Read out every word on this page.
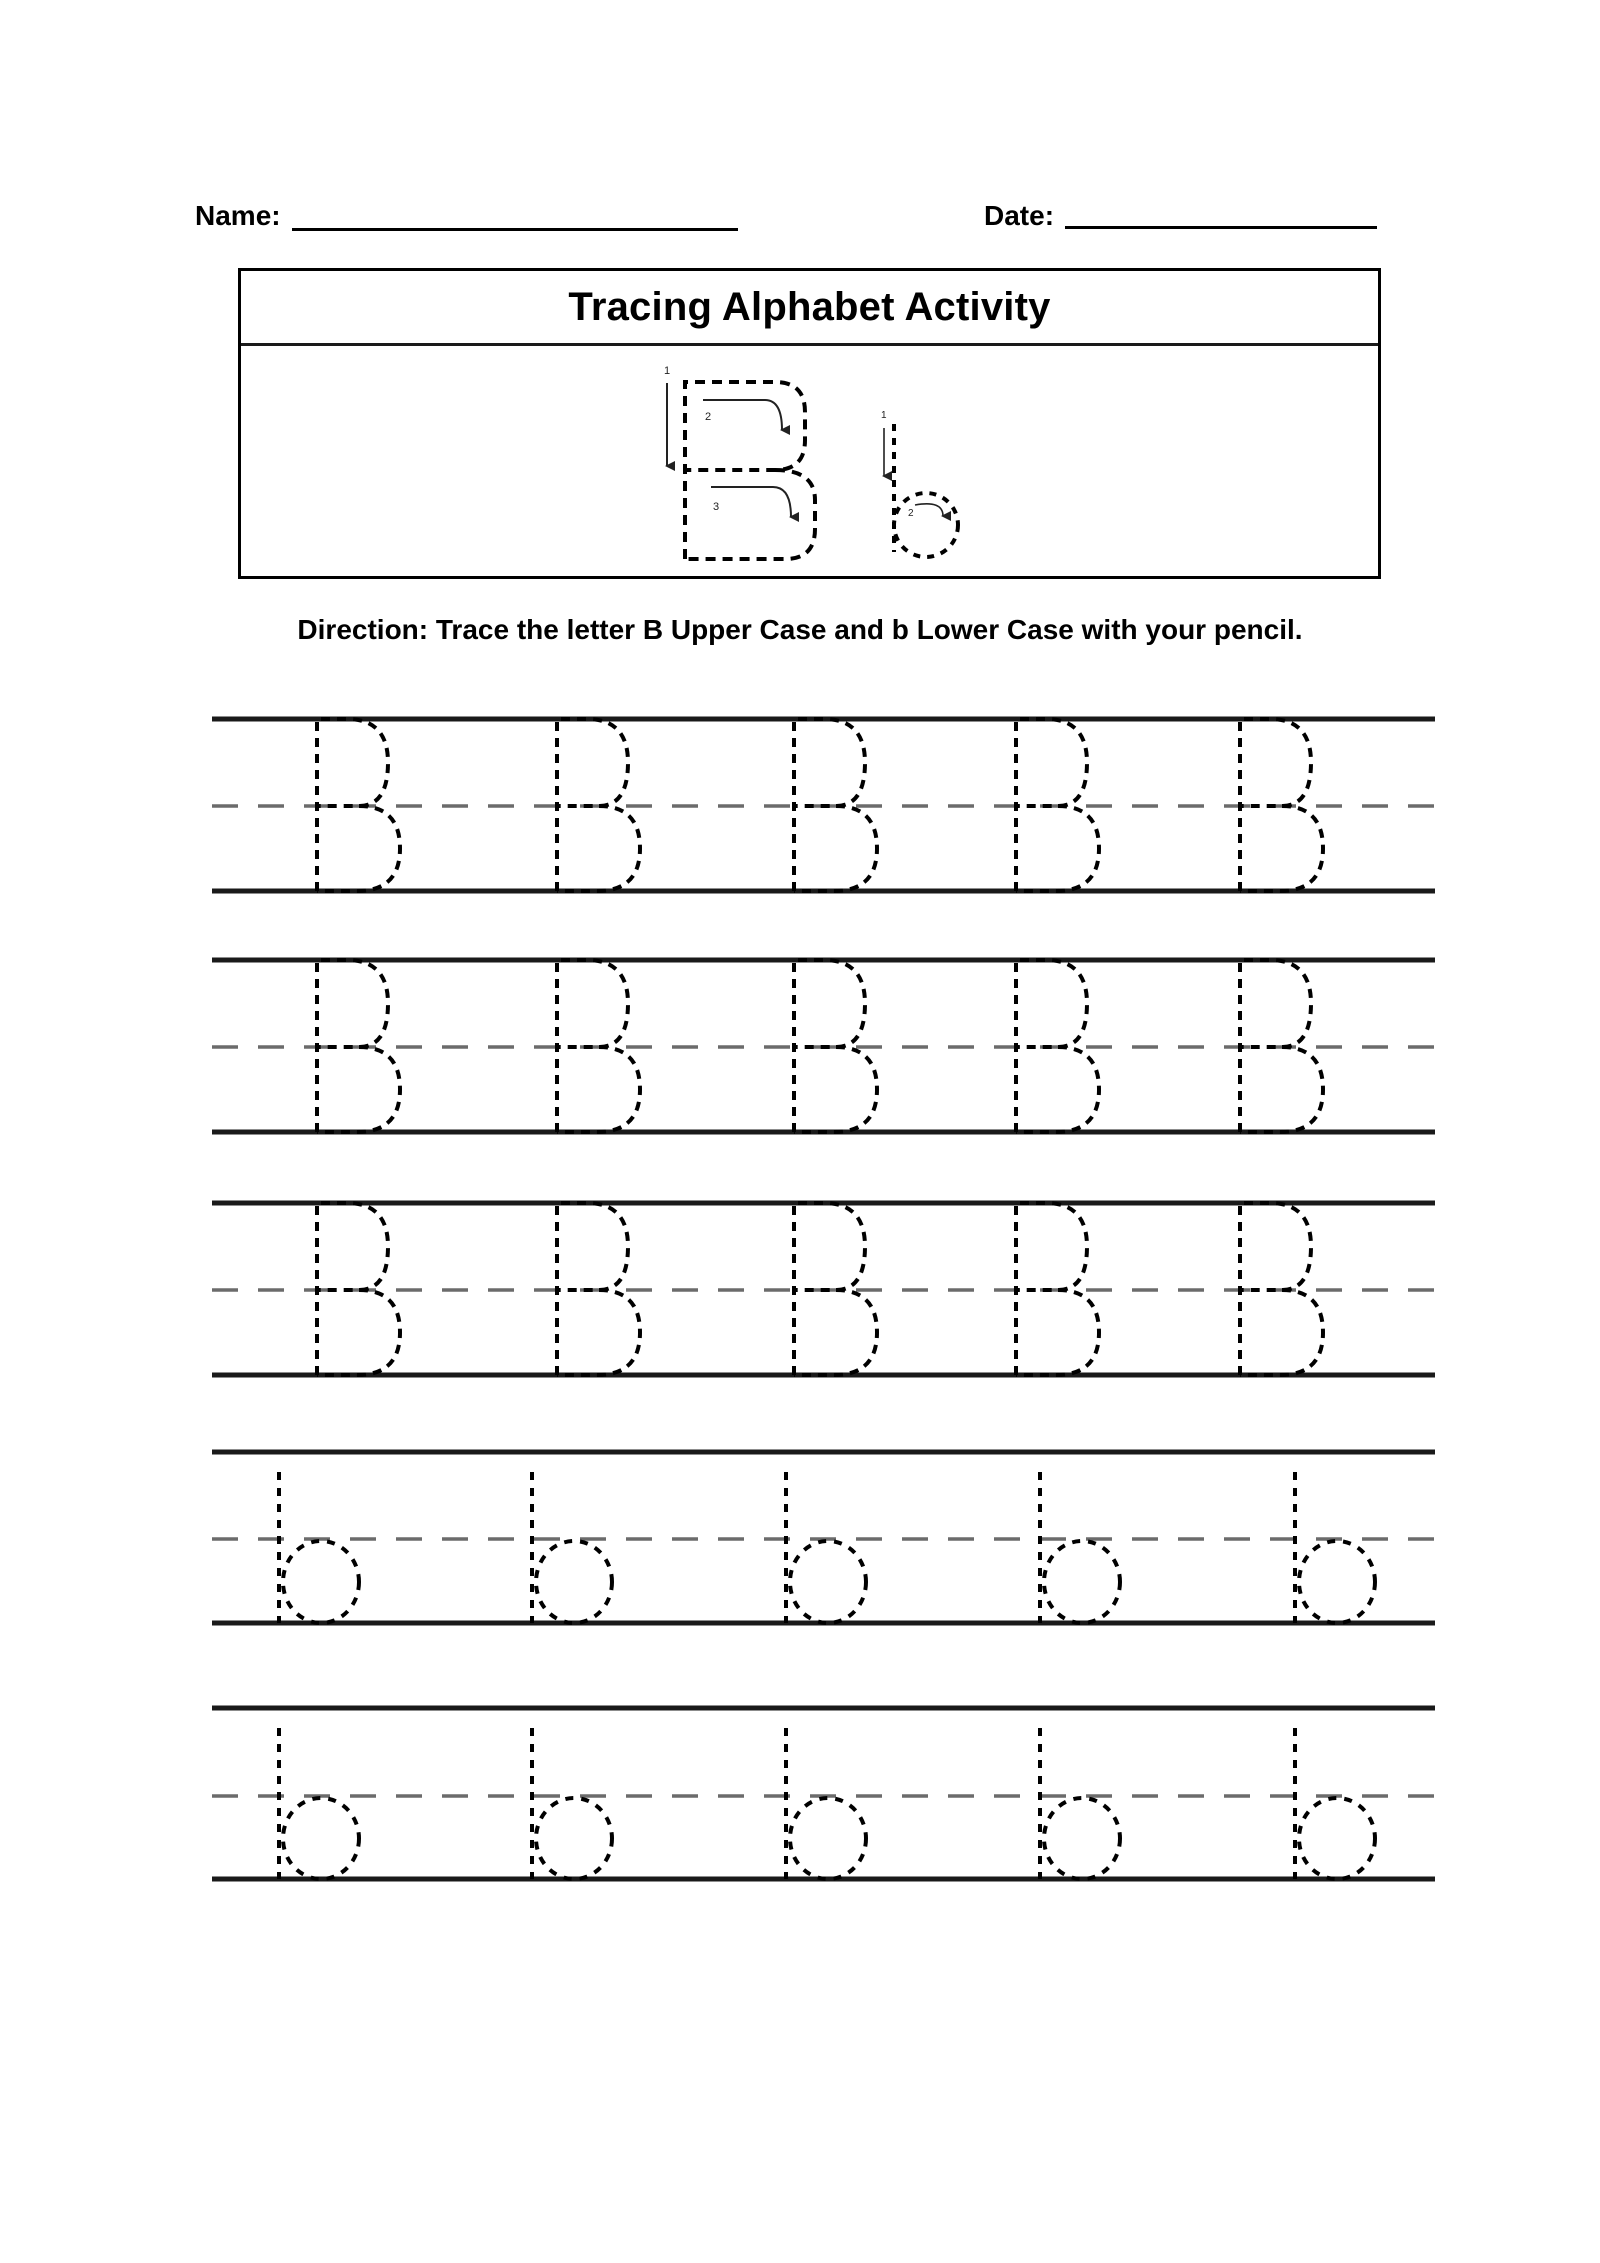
Name:	Date:
Tracing Alphabet Activity
1
2
3
1
2
Direction: Trace the letter B Upper Case and b Lower Case with your pencil.
